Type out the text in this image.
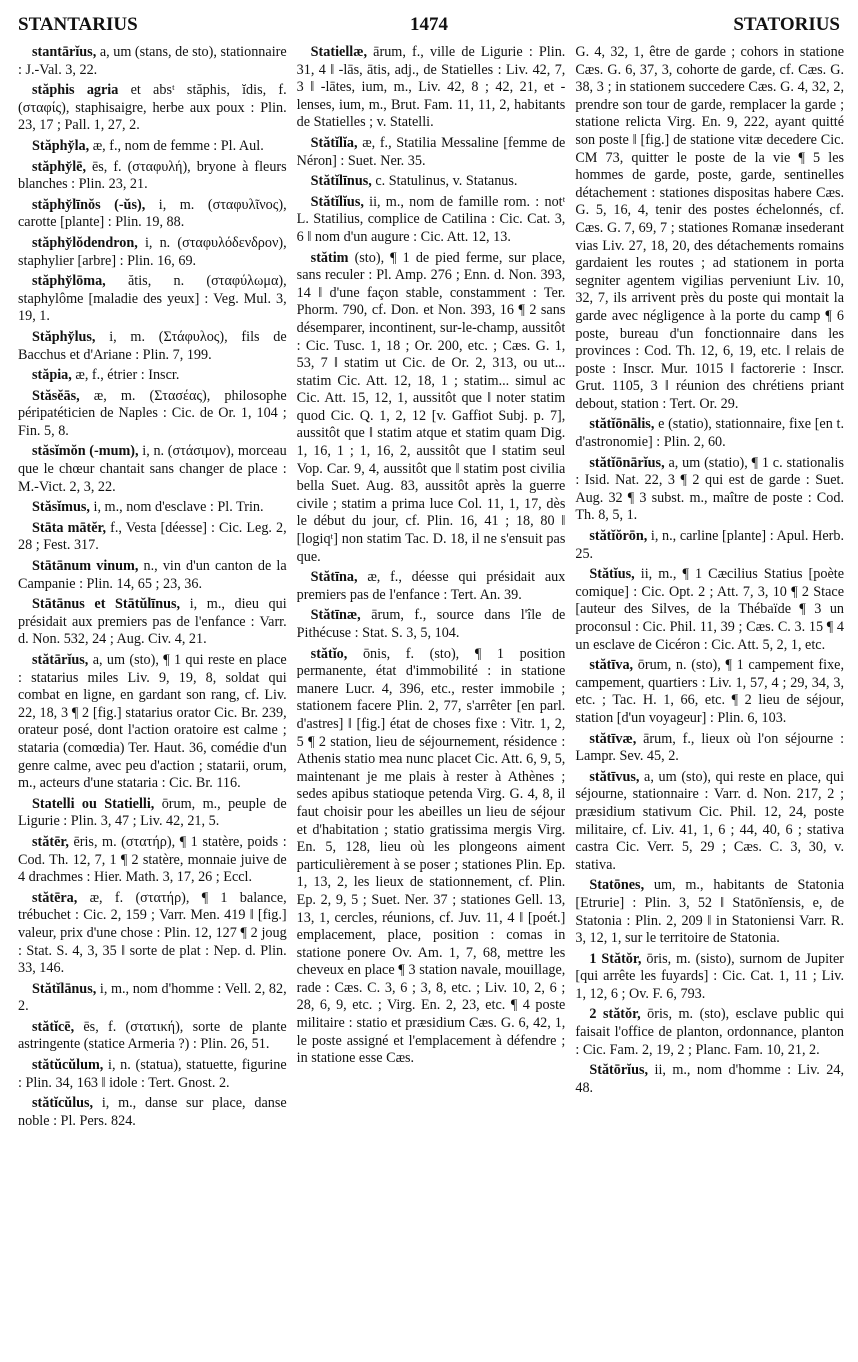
STANTARIUS	1474	STATORIUS

stantārĭus, a, um (stans, de sto), stationnaire : J.-Val. 3, 22.

stăphis agria et absᵗ stăphis, ĭdis, f. (σταφίς), staphisaigre, herbe aux poux : Plin. 23, 17 ; Pall. 1, 27, 2.

Stăphy̆la, æ, f., nom de femme : Pl. Aul.

stăphy̆lē, ēs, f. (σταφυλή), bryone à fleurs blanches : Plin. 23, 21.

stăphy̆līnŏs (-ŭs), i, m. (σταφυλῖνος), carotte [plante] : Plin. 19, 88.

stăphy̆lŏdendron, i, n. (σταφυλόδενδρον), staphylier [arbre] : Plin. 16, 69.

stăphy̆lōma, ătis, n. (σταφύλωμα), staphylôme [maladie des yeux] : Veg. Mul. 3, 19, 1.

Stăphy̆lus, i, m. (Στάφυλος), fils de Bacchus et d'Ariane : Plin. 7, 199.

stăpia, æ, f., étrier : Inscr.

Stăsĕās, æ, m. (Στασέας), philosophe péripatéticien de Naples : Cic. de Or. 1, 104 ; Fin. 5, 8.

stăsĭmŏn (-mum), i, n. (στάσιμον), morceau que le chœur chantait sans changer de place : M.-Vict. 2, 3, 22.

Stăsĭmus, i, m., nom d'esclave : Pl. Trin.

Stāta mātĕr, f., Vesta [déesse] : Cic. Leg. 2, 28 ; Fest. 317.

Stātānum vinum, n., vin d'un canton de la Campanie : Plin. 14, 65 ; 23, 36.

Stātānus et Stātŭlīnus, i, m., dieu qui présidait aux premiers pas de l'enfance : Varr. d. Non. 532, 24 ; Aug. Civ. 4, 21.

stătārĭus, a, um (sto), ¶ 1 qui reste en place : statarius miles Liv. 9, 19, 8, soldat qui combat en ligne, en gardant son rang, cf. Liv. 22, 18, 3 ¶ 2 [fig.] statarius orator Cic. Br. 239, orateur posé, dont l'action oratoire est calme ; stataria (comœdia) Ter. Haut. 36, comédie d'un genre calme, avec peu d'action ; statarii, orum, m., acteurs d'une stataria : Cic. Br. 116.

Statelli ou Statielli, ōrum, m., peuple de Ligurie : Plin. 3, 47 ; Liv. 42, 21, 5.

stătēr, ēris, m. (στατήρ), ¶ 1 statère, poids : Cod. Th. 12, 7, 1 ¶ 2 statère, monnaie juive de 4 drachmes : Hier. Math. 3, 17, 26 ; Eccl.

stătēra, æ, f. (στατήρ), ¶ 1 balance, trébuchet : Cic. 2, 159 ; Varr. Men. 419 ‖ [fig.] valeur, prix d'une chose : Plin. 12, 127 ¶ 2 joug : Stat. S. 4, 3, 35 ‖ sorte de plat : Nep. d. Plin. 33, 146.

Stătĭlānus, i, m., nom d'homme : Vell. 2, 82, 2.

stătĭcē, ēs, f. (στατική), sorte de plante astringente (statice Armeria ?) : Plin. 26, 51.

stătŭcŭlum, i, n. (statua), statuette, figurine : Plin. 34, 163 ‖ idole : Tert. Gnost. 2.

stătĭcŭlus, i, m., danse sur place, danse noble : Pl. Pers. 824.

Statiellæ, ārum, f., ville de Ligurie : Plin. 31, 4 ‖ -lās, ātis, adj., de Statielles : Liv. 42, 7, 3 ‖ -lātes, ium, m., Liv. 42, 8 ; 42, 21, et -lenses, ium, m., Brut. Fam. 11, 11, 2, habitants de Statielles ; v. Statelli.

Stătĭlĭa, æ, f., Statilia Messaline [femme de Néron] : Suet. Ner. 35.

Stătĭlīnus, c. Statulinus, v. Statanus.

Stătĭlĭus, ii, m., nom de famille rom. : notᵗ L. Statilius, complice de Catilina : Cic. Cat. 3, 6 ‖ nom d'un augure : Cic. Att. 12, 13.

stătim (sto), ¶ 1 de pied ferme, sur place, sans reculer : Pl. Amp. 276 ; Enn. d. Non. 393, 14 ‖ d'une façon stable, constamment : Ter. Phorm. 790, cf. Don. et Non. 393, 16 ¶ 2 sans désemparer, incontinent, sur-le-champ, aussitôt : Cic. Tusc. 1, 18 ; Or. 200, etc. ; Cæs. G. 1, 53, 7 ‖ statim ut Cic. de Or. 2, 313, ou ut... statim Cic. Att. 12, 18, 1 ; statim... simul ac Cic. Att. 15, 12, 1, aussitôt que ‖ noter statim quod Cic. Q. 1, 2, 12 [v. Gaffiot Subj. p. 7], aussitôt que ‖ statim atque et statim quam Dig. 1, 16, 1 ; 1, 16, 2, aussitôt que ‖ statim seul Vop. Car. 9, 4, aussitôt que ‖ statim post civilia bella Suet. Aug. 83, aussitôt après la guerre civile ; statim a prima luce Col. 11, 1, 17, dès le début du jour, cf. Plin. 16, 41 ; 18, 80 ‖ [logiqᵗ] non statim Tac. D. 18, il ne s'ensuit pas que.

Stătīna, æ, f., déesse qui présidait aux premiers pas de l'enfance : Tert. An. 39.

Stătīnæ, ārum, f., source dans l'île de Pithécuse : Stat. S. 3, 5, 104.

stătĭo, ōnis, f. (sto), ¶ 1 position permanente, état d'immobilité : in statione manere Lucr. 4, 396, etc., rester immobile ; stationem facere Plin. 2, 77, s'arrêter [en parl. d'astres] ‖ [fig.] état de choses fixe : Vitr. 1, 2, 5 ¶ 2 station, lieu de séjournement, résidence : Athenis statio mea nunc placet Cic. Att. 6, 9, 5, maintenant je me plais à rester à Athènes ; sedes apibus statioque petenda Virg. G. 4, 8, il faut choisir pour les abeilles un lieu de séjour et d'habitation ; statio gratissima mergis Virg. En. 5, 128, lieu où les plongeons aiment particulièrement à se poser ; stationes Plin. Ep. 1, 13, 2, les lieux de stationnement, cf. Plin. Ep. 2, 9, 5 ; Suet. Ner. 37 ; stationes Gell. 13, 13, 1, cercles, réunions, cf. Juv. 11, 4 ‖ [poét.] emplacement, place, position : comas in statione ponere Ov. Am. 1, 7, 68, mettre les cheveux en place ¶ 3 station navale, mouillage, rade : Cæs. C. 3, 6 ; 3, 8, etc. ; Liv. 10, 2, 6 ; 28, 6, 9, etc. ; Virg. En. 2, 23, etc. ¶ 4 poste militaire : statio et præsidium Cæs. G. 6, 42, 1, le poste assigné et l'emplacement à défendre ; in statione esse Cæs.

G. 4, 32, 1, être de garde ; cohors in statione Cæs. G. 6, 37, 3, cohorte de garde, cf. Cæs. G. 38, 3 ; in stationem succedere Cæs. G. 4, 32, 2, prendre son tour de garde, remplacer la garde ; statione relicta Virg. En. 9, 222, ayant quitté son poste ‖ [fig.] de statione vitæ decedere Cic. CM 73, quitter le poste de la vie ¶ 5 les hommes de garde, poste, garde, sentinelles détachement : stationes dispositas habere Cæs. G. 5, 16, 4, tenir des postes échelonnés, cf. Cæs. G. 7, 69, 7 ; stationes Romanæ insederant vias Liv. 27, 18, 20, des détachements romains gardaient les routes ; ad stationem in porta segniter agentem vigilias perveniunt Liv. 10, 32, 7, ils arrivent près du poste qui montait la garde avec négligence à la porte du camp ¶ 6 poste, bureau d'un fonctionnaire dans les provinces : Cod. Th. 12, 6, 19, etc. ‖ relais de poste : Inscr. Mur. 1015 ‖ factorerie : Inscr. Grut. 1105, 3 ‖ réunion des chrétiens priant debout, station : Tert. Or. 29.

stătĭōnālis, e (statio), stationnaire, fixe [en t. d'astronomie] : Plin. 2, 60.

stătĭōnārĭus, a, um (statio), ¶ 1 c. stationalis : Isid. Nat. 22, 3 ¶ 2 qui est de garde : Suet. Aug. 32 ¶ 3 subst. m., maître de poste : Cod. Th. 8, 5, 1.

stătĭŏrōn, i, n., carline [plante] : Apul. Herb. 25.

Stătĭus, ii, m., ¶ 1 Cæcilius Statius [poète comique] : Cic. Opt. 2 ; Att. 7, 3, 10 ¶ 2 Stace [auteur des Silves, de la Thébaïde ¶ 3 un proconsul : Cic. Phil. 11, 39 ; Cæs. C. 3. 15 ¶ 4 un esclave de Cicéron : Cic. Att. 5, 2, 1, etc.

stătīva, ōrum, n. (sto), ¶ 1 campement fixe, campement, quartiers : Liv. 1, 57, 4 ; 29, 34, 3, etc. ; Tac. H. 1, 66, etc. ¶ 2 lieu de séjour, station [d'un voyageur] : Plin. 6, 103.

stătīvæ, ārum, f., lieux où l'on séjourne : Lampr. Sev. 45, 2.

stătīvus, a, um (sto), qui reste en place, qui séjourne, stationnaire : Varr. d. Non. 217, 2 ; præsidium stativum Cic. Phil. 12, 24, poste militaire, cf. Liv. 41, 1, 6 ; 44, 40, 6 ; stativa castra Cic. Verr. 5, 29 ; Cæs. C. 3, 30, v. stativa.

Statōnes, um, m., habitants de Statonia [Etrurie] : Plin. 3, 52 ‖ Statōnĭensis, e, de Statonia : Plin. 2, 209 ‖ in Statoniensi Varr. R. 3, 12, 1, sur le territoire de Statonia.

1 Stătŏr, ōris, m. (sisto), surnom de Jupiter [qui arrête les fuyards] : Cic. Cat. 1, 11 ; Liv. 1, 12, 6 ; Ov. F. 6, 793.

2 stătŏr, ōris, m. (sto), esclave public qui faisait l'office de planton, ordonnance, planton : Cic. Fam. 2, 19, 2 ; Planc. Fam. 10, 21, 2.

Stătōrĭus, ii, m., nom d'homme : Liv. 24, 48.
